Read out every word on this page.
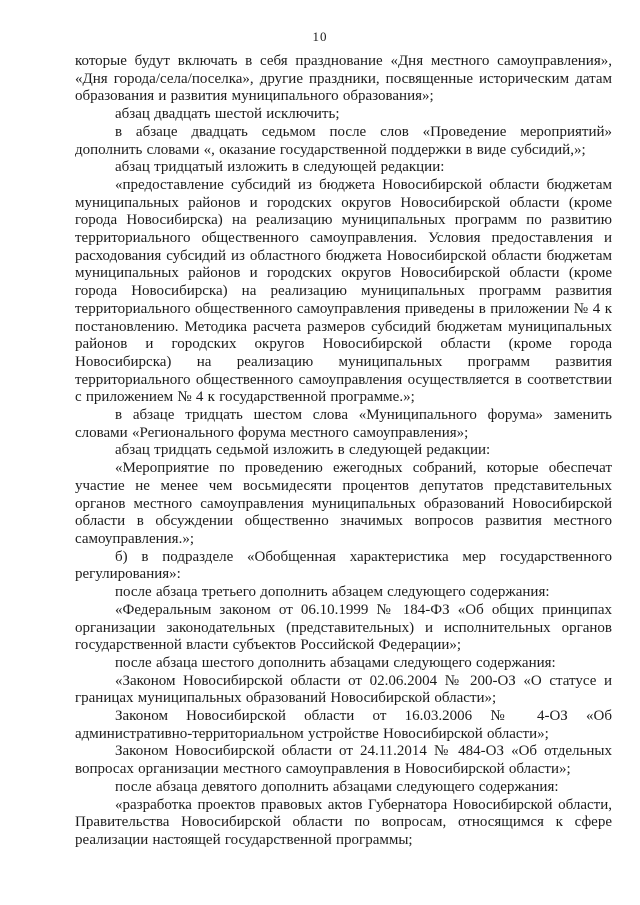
10

которые будут включать в себя празднование «Дня местного самоуправления», «Дня города/села/поселка», другие праздники, посвященные историческим датам образования и развития муниципального образования»;

абзац двадцать шестой исключить;

в абзаце двадцать седьмом после слов «Проведение мероприятий» дополнить словами «, оказание государственной поддержки в виде субсидий,»;

абзац тридцатый изложить в следующей редакции:

«предоставление субсидий из бюджета Новосибирской области бюджетам муниципальных районов и городских округов Новосибирской области (кроме города Новосибирска) на реализацию муниципальных программ по развитию территориального общественного самоуправления. Условия предоставления и расходования субсидий из областного бюджета Новосибирской области бюджетам муниципальных районов и городских округов Новосибирской области (кроме города Новосибирска) на реализацию муниципальных программ развития территориального общественного самоуправления приведены в приложении № 4 к постановлению. Методика расчета размеров субсидий бюджетам муниципальных районов и городских округов Новосибирской области (кроме города Новосибирска) на реализацию муниципальных программ развития территориального общественного самоуправления осуществляется в соответствии с приложением № 4 к государственной программе.»;

в абзаце тридцать шестом слова «Муниципального форума» заменить словами «Регионального форума местного самоуправления»;

абзац тридцать седьмой изложить в следующей редакции:

«Мероприятие по проведению ежегодных собраний, которые обеспечат участие не менее чем восьмидесяти процентов депутатов представительных органов местного самоуправления муниципальных образований Новосибирской области в обсуждении общественно значимых вопросов развития местного самоуправления.»;

б) в подразделе «Обобщенная характеристика мер государственного регулирования»:

после абзаца третьего дополнить абзацем следующего содержания:

«Федеральным законом от 06.10.1999 № 184-ФЗ «Об общих принципах организации законодательных (представительных) и исполнительных органов государственной власти субъектов Российской Федерации»;

после абзаца шестого дополнить абзацами следующего содержания:

«Законом Новосибирской области от 02.06.2004 № 200-ОЗ «О статусе и границах муниципальных образований Новосибирской области»;

Законом Новосибирской области от 16.03.2006 № 4-ОЗ «Об административно-территориальном устройстве Новосибирской области»;

Законом Новосибирской области от 24.11.2014 № 484-ОЗ «Об отдельных вопросах организации местного самоуправления в Новосибирской области»;

после абзаца девятого дополнить абзацами следующего содержания:

«разработка проектов правовых актов Губернатора Новосибирской области, Правительства Новосибирской области по вопросам, относящимся к сфере реализации настоящей государственной программы;
